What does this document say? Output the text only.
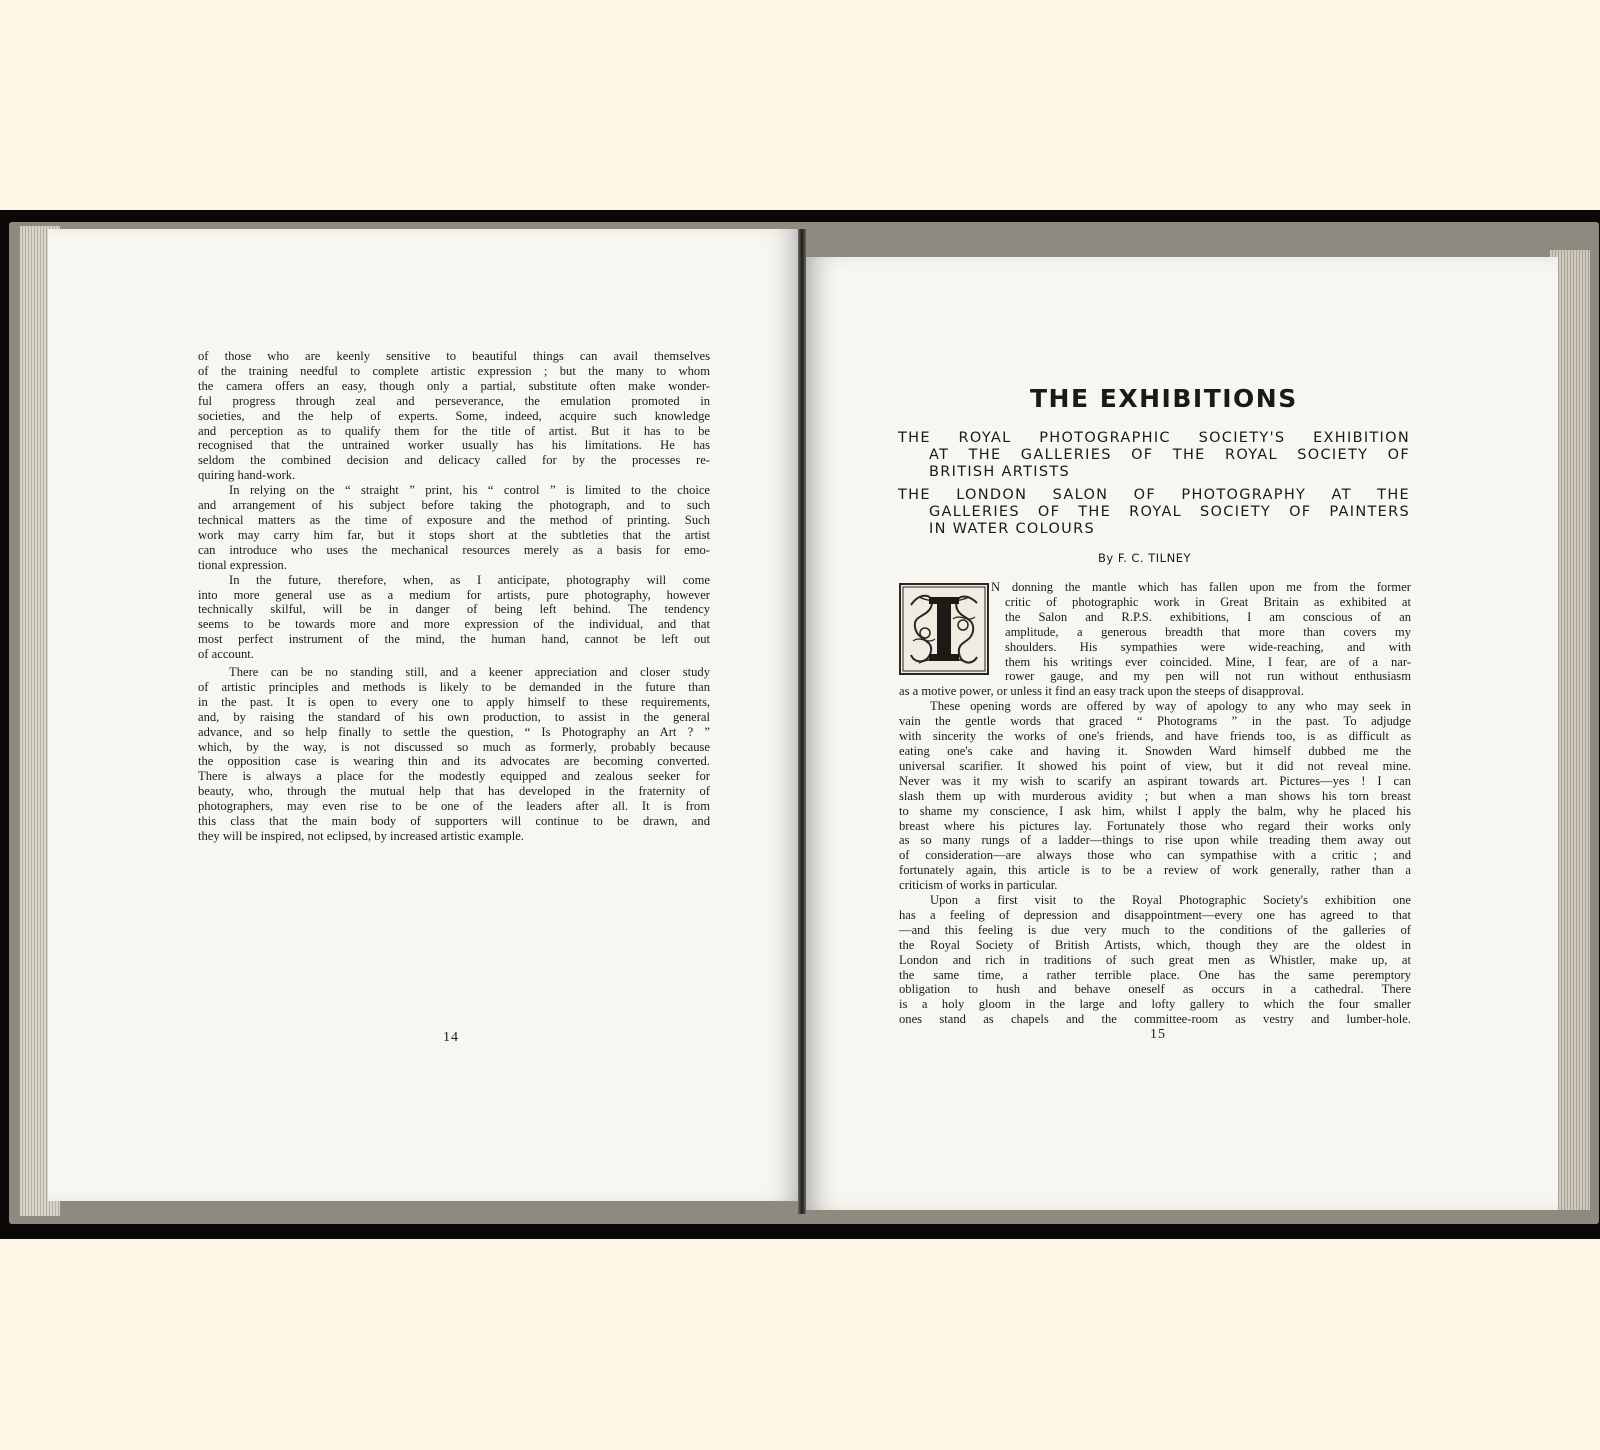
of those who are keenly sensitive to beautiful things can avail themselves

of the training needful to complete artistic expression ; but the many to whom

the camera offers an easy, though only a partial, substitute often make wonder-

ful progress through zeal and perseverance, the emulation promoted in

societies, and the help of experts. Some, indeed, acquire such knowledge

and perception as to qualify them for the title of artist. But it has to be

recognised that the untrained worker usually has his limitations. He has

seldom the combined decision and delicacy called for by the processes re-

quiring hand-work.

In relying on the “ straight ” print, his “ control ” is limited to the choice

and arrangement of his subject before taking the photograph, and to such

technical matters as the time of exposure and the method of printing. Such

work may carry him far, but it stops short at the subtleties that the artist

can introduce who uses the mechanical resources merely as a basis for emo-

tional expression.

In the future, therefore, when, as I anticipate, photography will come

into more general use as a medium for artists, pure photography, however

technically skilful, will be in danger of being left behind. The tendency

seems to be towards more and more expression of the individual, and that

most perfect instrument of the mind, the human hand, cannot be left out

of account.

There can be no standing still, and a keener appreciation and closer study

of artistic principles and methods is likely to be demanded in the future than

in the past. It is open to every one to apply himself to these requirements,

and, by raising the standard of his own production, to assist in the general

advance, and so help finally to settle the question, “ Is Photography an Art ? ”

which, by the way, is not discussed so much as formerly, probably because

the opposition case is wearing thin and its advocates are becoming converted.

There is always a place for the modestly equipped and zealous seeker for

beauty, who, through the mutual help that has developed in the fraternity of

photographers, may even rise to be one of the leaders after all. It is from

this class that the main body of supporters will continue to be drawn, and

they will be inspired, not eclipsed, by increased artistic example.

14
THE EXHIBITIONS
THE ROYAL PHOTOGRAPHIC SOCIETY'S EXHIBITION
AT THE GALLERIES OF THE ROYAL SOCIETY OF
BRITISH ARTISTS
THE LONDON SALON OF PHOTOGRAPHY AT THE
GALLERIES OF THE ROYAL SOCIETY OF PAINTERS
IN WATER COLOURS
By F. C. TILNEY

N donning the mantle which has fallen upon me from the former

critic of photographic work in Great Britain as exhibited at

the Salon and R.P.S. exhibitions, I am conscious of an

amplitude, a generous breadth that more than covers my

shoulders. His sympathies were wide-reaching, and with

them his writings ever coincided. Mine, I fear, are of a nar-

rower gauge, and my pen will not run without enthusiasm

as a motive power, or unless it find an easy track upon the steeps of disapproval.

These opening words are offered by way of apology to any who may seek in

vain the gentle words that graced “ Photograms ” in the past. To adjudge

with sincerity the works of one's friends, and have friends too, is as difficult as

eating one's cake and having it. Snowden Ward himself dubbed me the

universal scarifier. It showed his point of view, but it did not reveal mine.

Never was it my wish to scarify an aspirant towards art. Pictures—yes ! I can

slash them up with murderous avidity ; but when a man shows his torn breast

to shame my conscience, I ask him, whilst I apply the balm, why he placed his

breast where his pictures lay. Fortunately those who regard their works only

as so many rungs of a ladder—things to rise upon while treading them away out

of consideration—are always those who can sympathise with a critic ; and

fortunately again, this article is to be a review of work generally, rather than a

criticism of works in particular.

Upon a first visit to the Royal Photographic Society's exhibition one

has a feeling of depression and disappointment—every one has agreed to that

—and this feeling is due very much to the conditions of the galleries of

the Royal Society of British Artists, which, though they are the oldest in

London and rich in traditions of such great men as Whistler, make up, at

the same time, a rather terrible place. One has the same peremptory

obligation to hush and behave oneself as occurs in a cathedral. There

is a holy gloom in the large and lofty gallery to which the four smaller

ones stand as chapels and the committee-room as vestry and lumber-hole.

15
